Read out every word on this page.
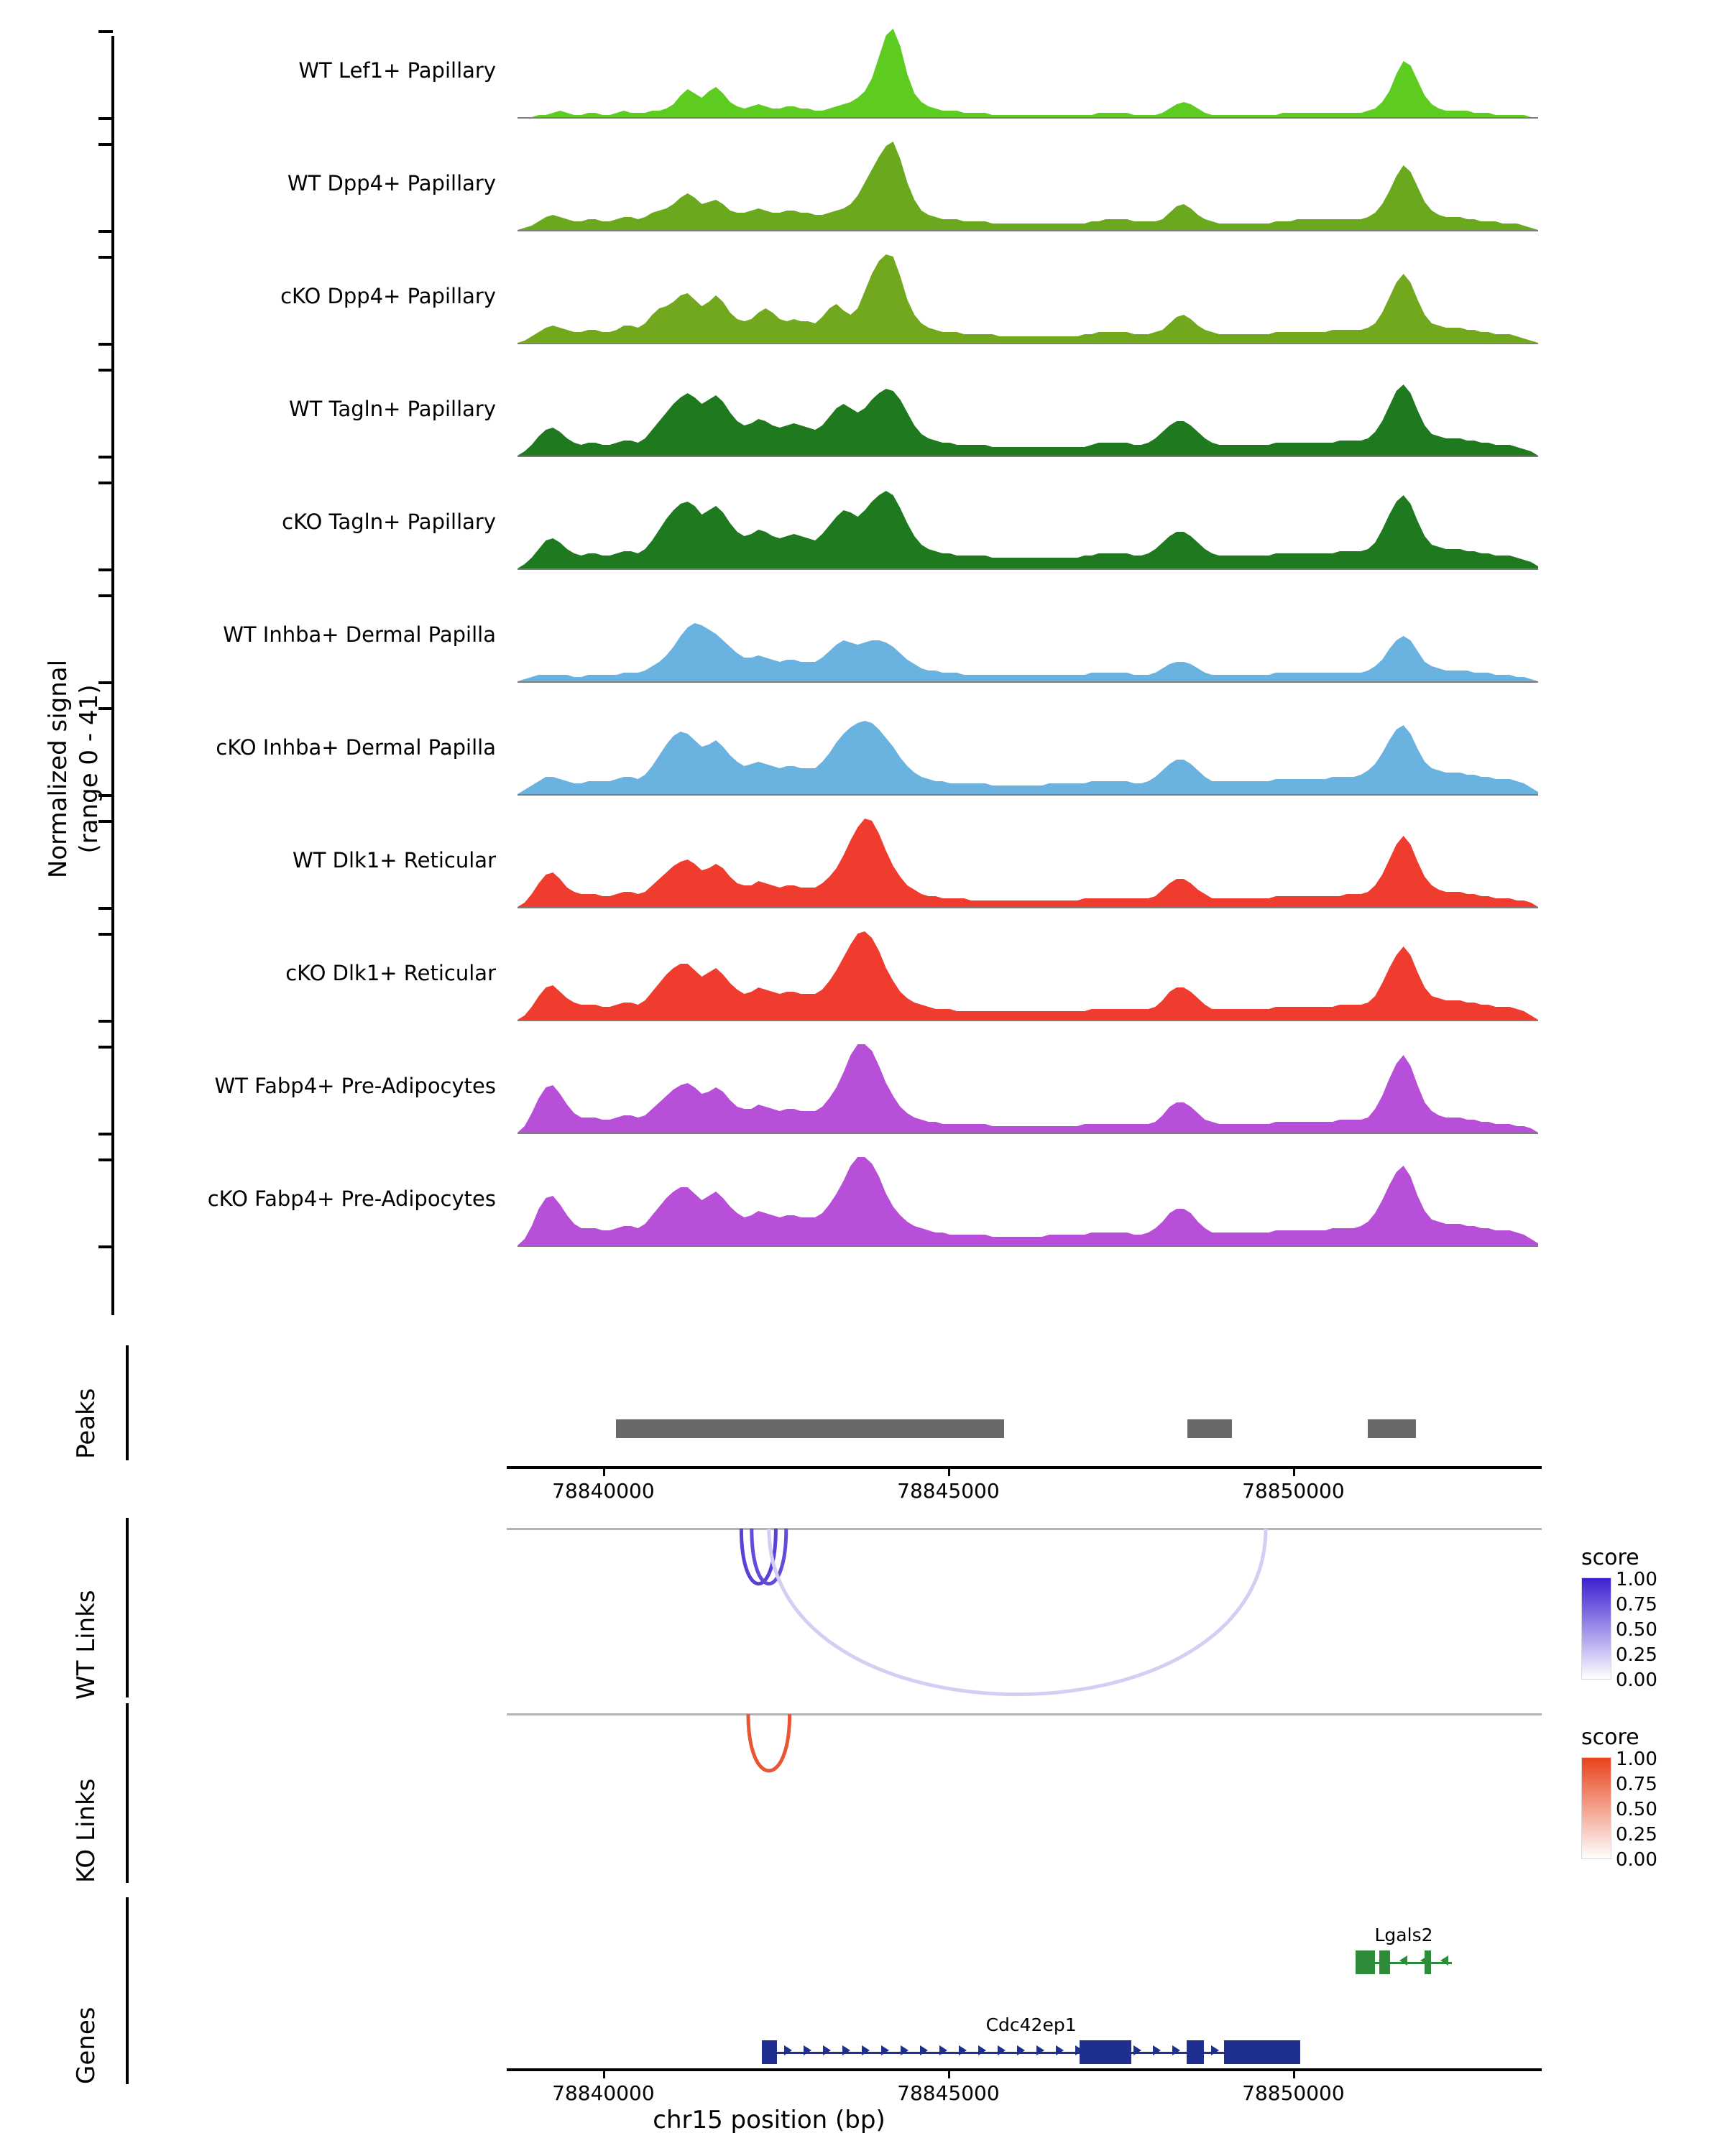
WT Lef1+ Papillary
WT Dpp4+ Papillary
cKO Dpp4+ Papillary
WT Tagln+ Papillary
cKO Tagln+ Papillary
WT Inhba+ Dermal Papilla
cKO Inhba+ Dermal Papilla
WT Dlk1+ Reticular
cKO Dlk1+ Reticular
WT Fabp4+ Pre-Adipocytes
cKO Fabp4+ Pre-Adipocytes
Normalized signal (range 0 - 41)
Peaks
78840000	78845000	78850000
WT Links
score
1.00
0.75
0.50
0.25
0.00
KO Links
score
1.00
0.75
0.50
0.25
0.00
Genes
Lgals2
Cdc42ep1
78840000	78845000	78850000
chr15 position (bp)
